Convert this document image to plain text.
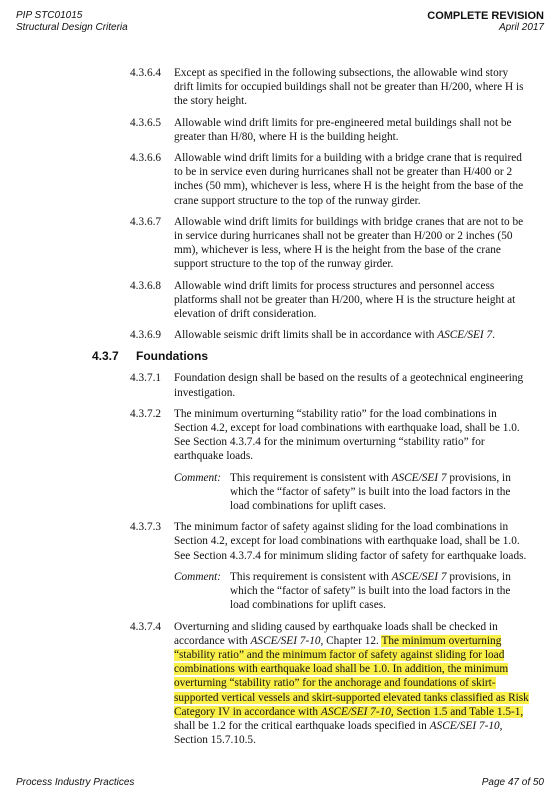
PIP STC01015
Structural Design Criteria
COMPLETE REVISION
April 2017
4.3.6.4	Except as specified in the following subsections, the allowable wind story drift limits for occupied buildings shall not be greater than H/200, where H is the story height.
4.3.6.5	Allowable wind drift limits for pre-engineered metal buildings shall not be greater than H/80, where H is the building height.
4.3.6.6	Allowable wind drift limits for a building with a bridge crane that is required to be in service even during hurricanes shall not be greater than H/400 or 2 inches (50 mm), whichever is less, where H is the height from the base of the crane support structure to the top of the runway girder.
4.3.6.7	Allowable wind drift limits for buildings with bridge cranes that are not to be in service during hurricanes shall not be greater than H/200 or 2 inches (50 mm), whichever is less, where H is the height from the base of the crane support structure to the top of the runway girder.
4.3.6.8	Allowable wind drift limits for process structures and personnel access platforms shall not be greater than H/200, where H is the structure height at elevation of drift consideration.
4.3.6.9	Allowable seismic drift limits shall be in accordance with ASCE/SEI 7.
4.3.7 Foundations
4.3.7.1	Foundation design shall be based on the results of a geotechnical engineering investigation.
4.3.7.2	The minimum overturning “stability ratio” for the load combinations in Section 4.2, except for load combinations with earthquake load, shall be 1.0. See Section 4.3.7.4 for the minimum overturning “stability ratio” for earthquake loads.
Comment: This requirement is consistent with ASCE/SEI 7 provisions, in which the “factor of safety” is built into the load factors in the load combinations for uplift cases.
4.3.7.3	The minimum factor of safety against sliding for the load combinations in Section 4.2, except for load combinations with earthquake load, shall be 1.0. See Section 4.3.7.4 for minimum sliding factor of safety for earthquake loads.
Comment: This requirement is consistent with ASCE/SEI 7 provisions, in which the “factor of safety” is built into the load factors in the load combinations for uplift cases.
4.3.7.4	Overturning and sliding caused by earthquake loads shall be checked in accordance with ASCE/SEI 7-10, Chapter 12. The minimum overturning “stability ratio” and the minimum factor of safety against sliding for load combinations with earthquake load shall be 1.0. In addition, the minimum overturning “stability ratio” for the anchorage and foundations of skirt-supported vertical vessels and skirt-supported elevated tanks classified as Risk Category IV in accordance with ASCE/SEI 7-10, Section 1.5 and Table 1.5-1, shall be 1.2 for the critical earthquake loads specified in ASCE/SEI 7-10, Section 15.7.10.5.
Process Industry Practices	Page 47 of 50
